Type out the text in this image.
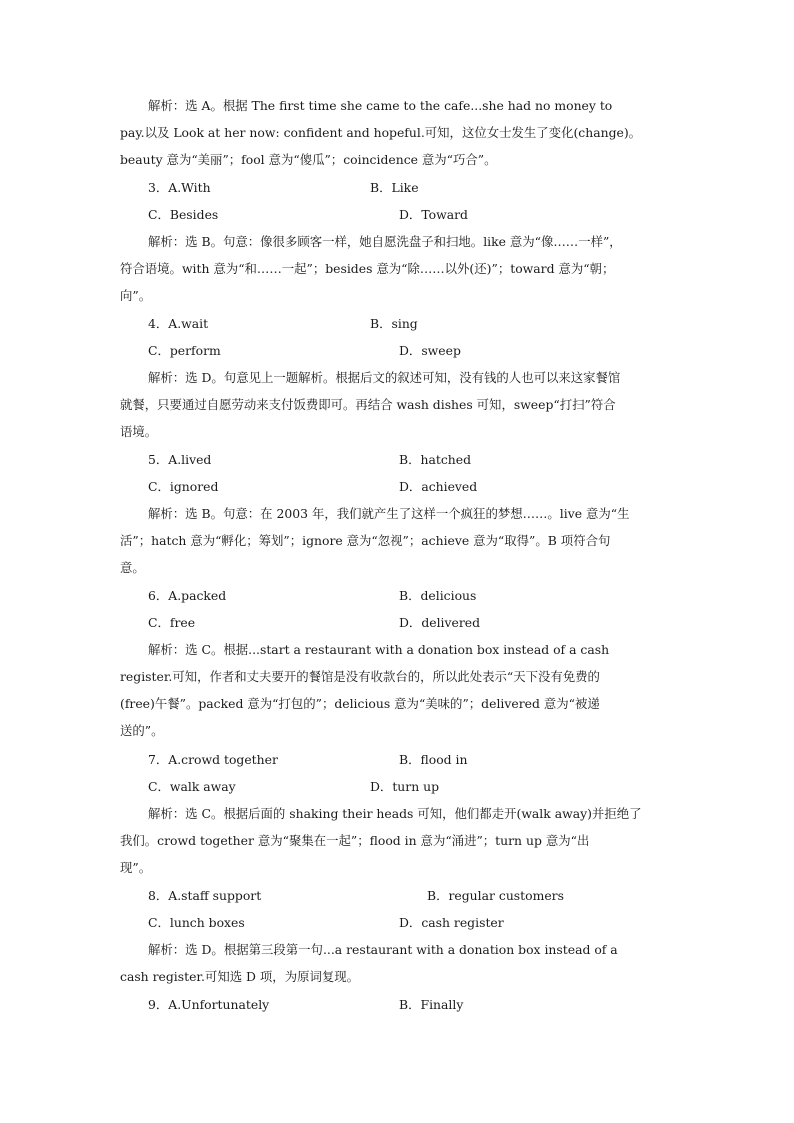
解析：选 A。根据 The first time she came to the cafe...she had no money to
pay.以及 Look at her now: confident and hopeful.可知，这位女士发生了变化(change)。
beauty 意为“美丽”；fool 意为“傻瓜”；coincidence 意为“巧合”。
3．A.With	B．Like
C．Besides	D．Toward
解析：选 B。句意：像很多顾客一样，她自愿洗盘子和扫地。like 意为“像……一样”，
符合语境。with 意为“和……一起”；besides 意为“除……以外(还)”；toward 意为“朝；
向”。
4．A.wait	B．sing
C．perform	D．sweep
解析：选 D。句意见上一题解析。根据后文的叙述可知，没有钱的人也可以来这家餐馆
就餐，只要通过自愿劳动来支付饭费即可。再结合 wash dishes 可知，sweep“打扫”符合
语境。
5．A.lived	B．hatched
C．ignored	D．achieved
解析：选 B。句意：在 2003 年，我们就产生了这样一个疯狂的梦想……。live 意为“生
活”；hatch 意为“孵化；筹划”；ignore 意为“忽视”；achieve 意为“取得”。B 项符合句
意。
6．A.packed	B．delicious
C．free	D．delivered
解析：选 C。根据...start a restaurant with a donation box instead of a cash
register.可知，作者和丈夫要开的餐馆是没有收款台的，所以此处表示“天下没有免费的
(free)午餐”。packed 意为“打包的”；delicious 意为“美味的”；delivered 意为“被递
送的”。
7．A.crowd together	B．flood in
C．walk away	D．turn up
解析：选 C。根据后面的 shaking their heads 可知，他们都走开(walk away)并拒绝了
我们。crowd together 意为“聚集在一起”；flood in 意为“涌进”；turn up 意为“出
现”。
8．A.staff support	B．regular customers
C．lunch boxes	D．cash register
解析：选 D。根据第三段第一句...a restaurant with a donation box instead of a
cash register.可知选 D 项，为原词复现。
9．A.Unfortunately	B．Finally
